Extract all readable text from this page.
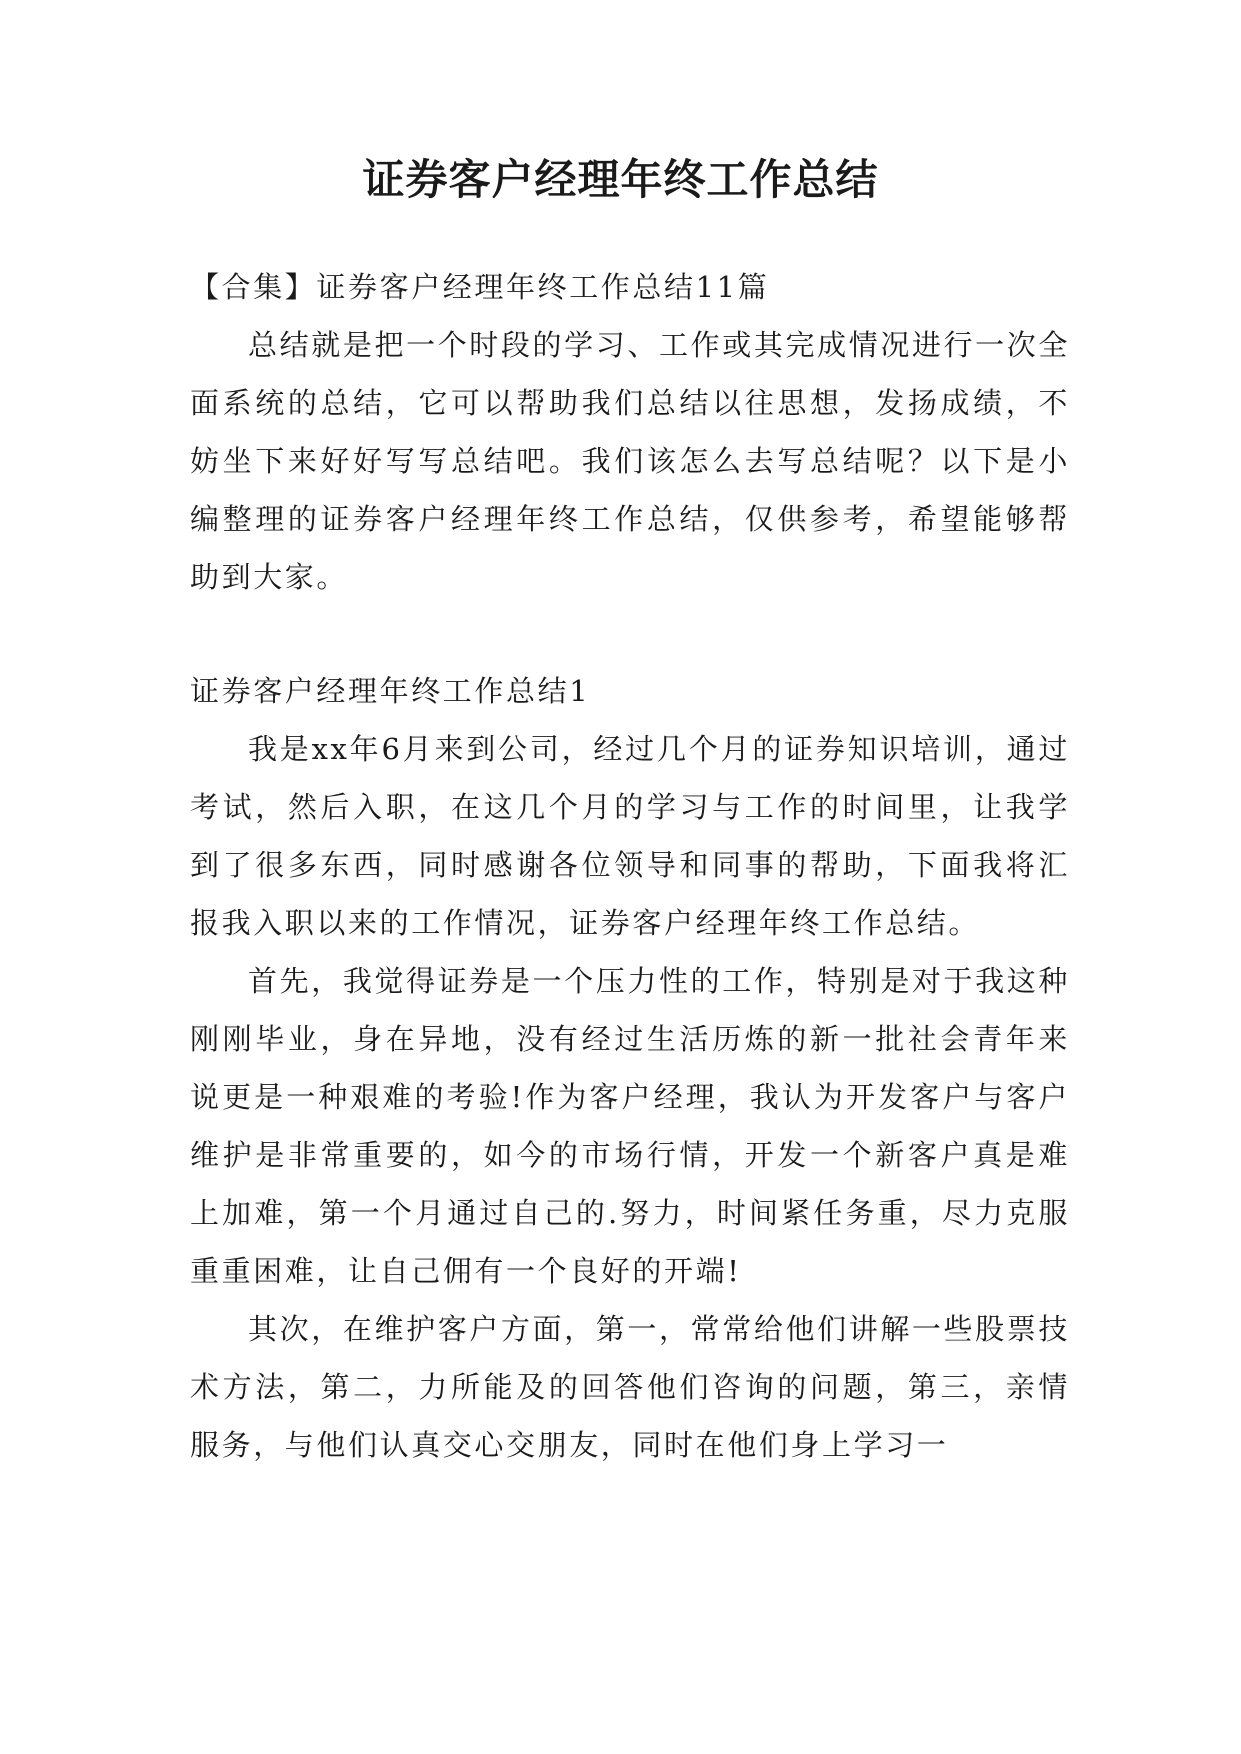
证券客户经理年终工作总结

【合集】证券客户经理年终工作总结11篇

总结就是把一个时段的学习、工作或其完成情况进行一次全面系统的总结，它可以帮助我们总结以往思想，发扬成绩，不妨坐下来好好写写总结吧。我们该怎么去写总结呢？以下是小编整理的证券客户经理年终工作总结，仅供参考，希望能够帮助到大家。

证券客户经理年终工作总结1

我是xx年6月来到公司，经过几个月的证券知识培训，通过考试，然后入职，在这几个月的学习与工作的时间里，让我学到了很多东西，同时感谢各位领导和同事的帮助，下面我将汇报我入职以来的工作情况，证券客户经理年终工作总结。

首先，我觉得证券是一个压力性的工作，特别是对于我这种刚刚毕业，身在异地，没有经过生活历炼的新一批社会青年来说更是一种艰难的考验!作为客户经理，我认为开发客户与客户维护是非常重要的，如今的市场行情，开发一个新客户真是难上加难，第一个月通过自己的.努力，时间紧任务重，尽力克服重重困难，让自己佣有一个良好的开端!

其次，在维护客户方面，第一，常常给他们讲解一些股票技术方法，第二，力所能及的回答他们咨询的问题，第三，亲情服务，与他们认真交心交朋友，同时在他们身上学习一
